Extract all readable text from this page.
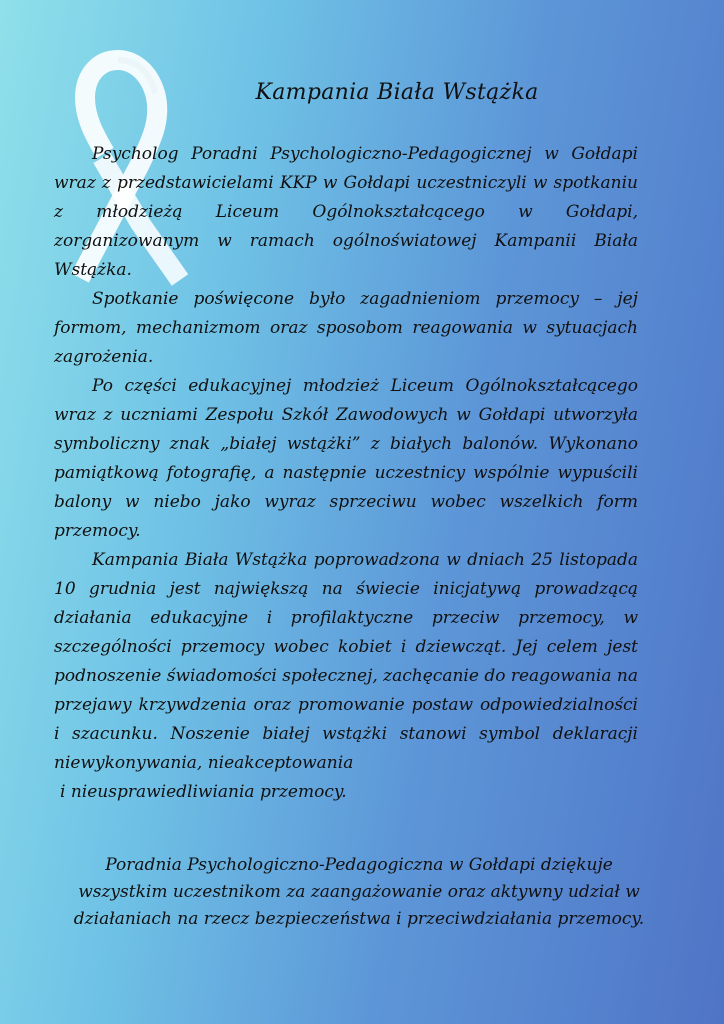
Kampania Biała Wstążka

Psycholog Poradni Psychologiczno-Pedagogicznej w Gołdapi wraz z przedstawicielami KKP w Gołdapi uczestniczyli w spotkaniu z młodzieżą Liceum Ogólnokształcącego w Gołdapi, zorganizowanym w ramach ogólnoświatowej Kampanii Biała Wstążka.

Spotkanie poświęcone było zagadnieniom przemocy – jej formom, mechanizmom oraz sposobom reagowania w sytuacjach zagrożenia.

Po części edukacyjnej młodzież Liceum Ogólnokształcącego wraz z uczniami Zespołu Szkół Zawodowych w Gołdapi utworzyła symboliczny znak „białej wstążki” z białych balonów. Wykonano pamiątkową fotografię, a następnie uczestnicy wspólnie wypuścili balony w niebo jako wyraz sprzeciwu wobec wszelkich form przemocy.

Kampania Biała Wstążka poprowadzona w dniach 25 listopada 10 grudnia jest największą na świecie inicjatywą prowadzącą działania edukacyjne i profilaktyczne przeciw przemocy, w szczególności przemocy wobec kobiet i dziewcząt. Jej celem jest podnoszenie świadomości społecznej, zachęcanie do reagowania na przejawy krzywdzenia oraz promowanie postaw odpowiedzialności i szacunku. Noszenie białej wstążki stanowi symbol deklaracji niewykonywania, nieakceptowania

i nieusprawiedliwiania przemocy.

Poradnia Psychologiczno-Pedagogiczna w Gołdapi dziękuje wszystkim uczestnikom za zaangażowanie oraz aktywny udział w działaniach na rzecz bezpieczeństwa i przeciwdziałania przemocy.
